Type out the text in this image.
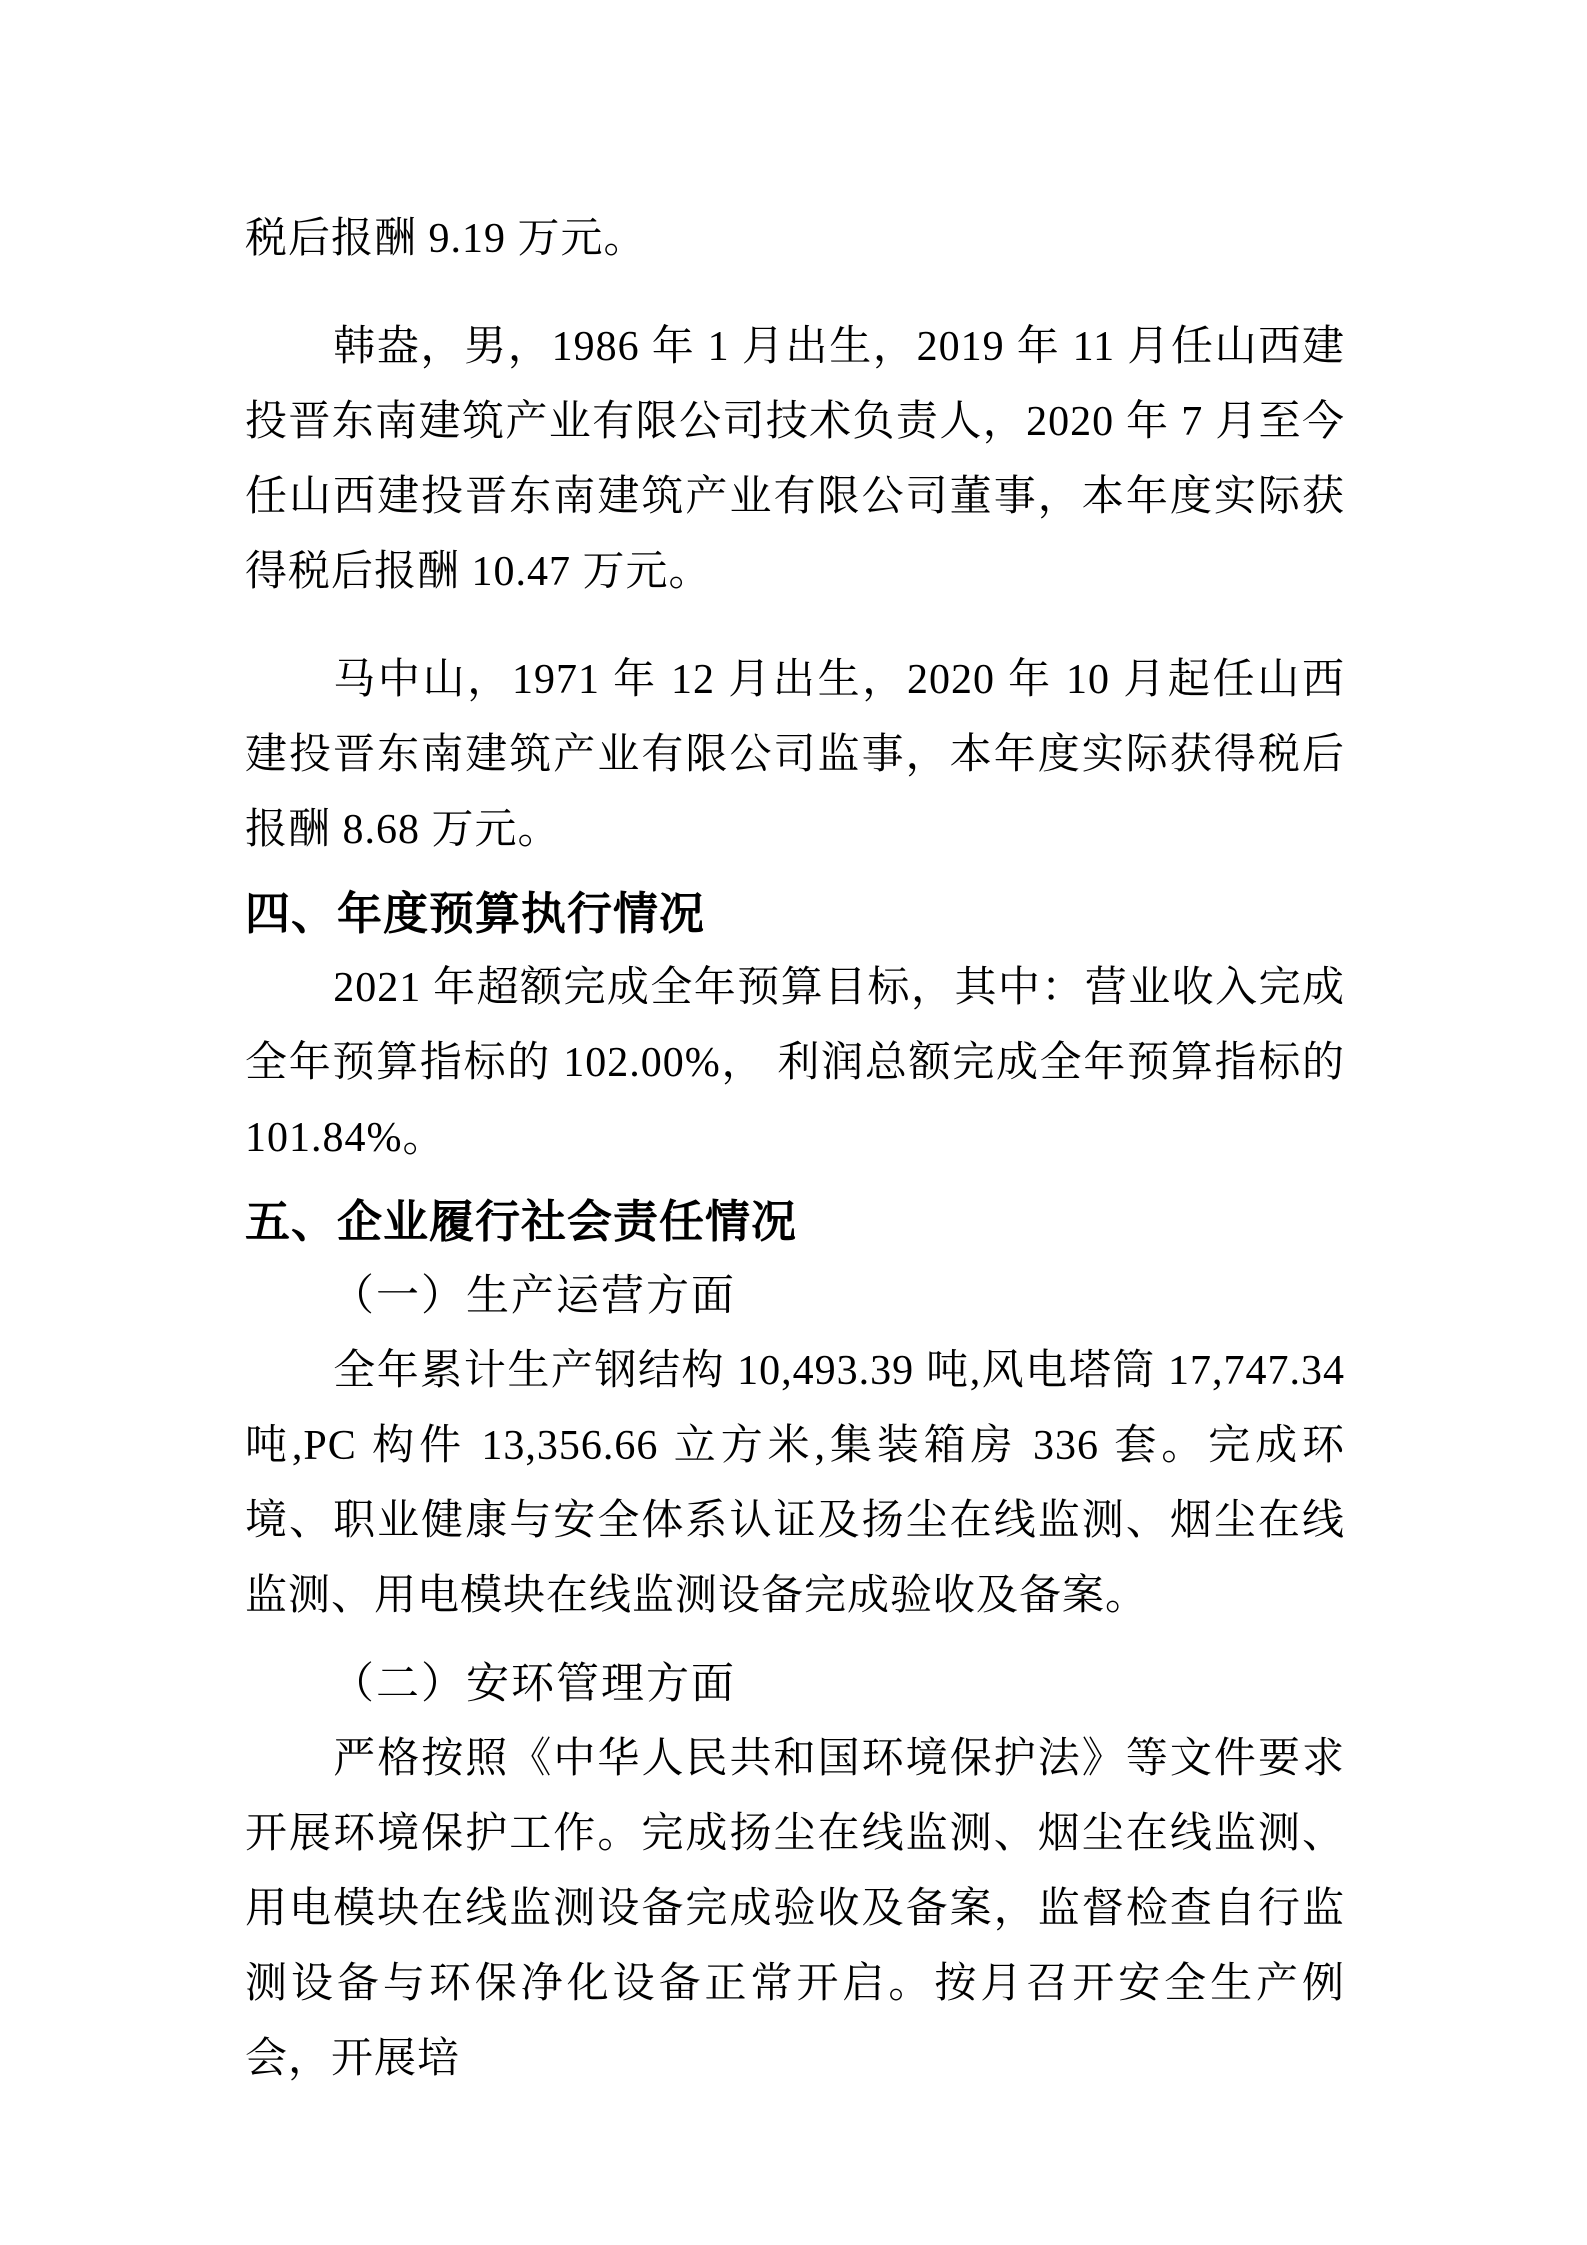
税后报酬 9.19 万元。

韩盎，男，1986 年 1 月出生，2019 年 11 月任山西建投晋东南建筑产业有限公司技术负责人，2020 年 7 月至今任山西建投晋东南建筑产业有限公司董事，本年度实际获得税后报酬 10.47 万元。

马中山，1971 年 12 月出生，2020 年 10 月起任山西建投晋东南建筑产业有限公司监事，本年度实际获得税后报酬 8.68 万元。

四、年度预算执行情况

2021 年超额完成全年预算目标，其中：营业收入完成全年预算指标的 102.00%， 利润总额完成全年预算指标的 101.84%。

五、企业履行社会责任情况

（一）生产运营方面

全年累计生产钢结构 10,493.39 吨,风电塔筒 17,747.34 吨,PC 构件 13,356.66 立方米,集装箱房 336 套。完成环境、职业健康与安全体系认证及扬尘在线监测、烟尘在线监测、用电模块在线监测设备完成验收及备案。

（二）安环管理方面

严格按照《中华人民共和国环境保护法》等文件要求开展环境保护工作。完成扬尘在线监测、烟尘在线监测、用电模块在线监测设备完成验收及备案，监督检查自行监测设备与环保净化设备正常开启。按月召开安全生产例会，开展培
